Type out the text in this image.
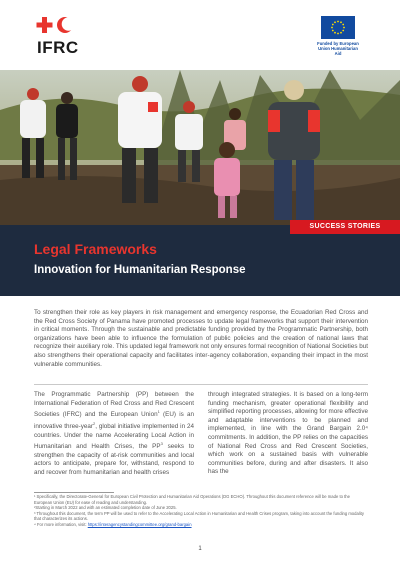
IFRC	Funded by European Union Humanitarian Aid
SUCCESS STORIES
Legal Frameworks
Innovation for Humanitarian Response

To strengthen their role as key players in risk management and emergency response, the Ecuadorian Red Cross and the Red Cross Society of Panama have promoted processes to update legal frameworks that support their intervention in critical moments. Through the sustainable and predictable funding provided by the Programmatic Partnership, both organizations have been able to influence the formulation of public policies and the creation of national laws that recognize their auxiliary role. This updated legal framework not only ensures formal recognition of National Societies but also strengthens their operational capacity and facilitates inter-agency collaboration, expanding their impact in the most vulnerable communities.

The Programmatic Partnership (PP) between the International Federation of Red Cross and Red Crescent Societies (IFRC) and the European Union$^1$ (EU) is an innovative three-year$^2$, global initiative implemented in 24 countries. Under the name Accelerating Local Action in Humanitarian and Health Crises, the $PP^3$ seeks to strengthen the capacity of at-risk communities and local actors to anticipate, prepare for, withstand, respond to and recover from humanitarian and health crises

through integrated strategies. It is based on a long-term funding mechanism, greater operational flexibility and simplified reporting processes, allowing for more effective and adaptable interventions to be planned and implemented, in line with the Grand Bargain 2.0⁴ commitments. In addition, the PP relies on the capacities of National Red Cross and Red Crescent Societies, which work on a sustained basis with vulnerable communities before, during and after disasters. It also has the

¹ Specifically, the Directorate-General for European Civil Protection and Humanitarian Aid Operations (DG ECHO). Throughout this document reference will be made to the European Union (EU) for ease of reading and understanding.
²Starting in March 2022 and with an estimated completion date of June 2025.
³ Throughout this document, the term PP will be used to refer to the Accelerating Local Action in Humanitarian and Health Crises program, taking into account the funding modality that characterizes its actions.
⁴ For more information, visit: https://interagencystandingcommittee.org/grand-bargain
1
